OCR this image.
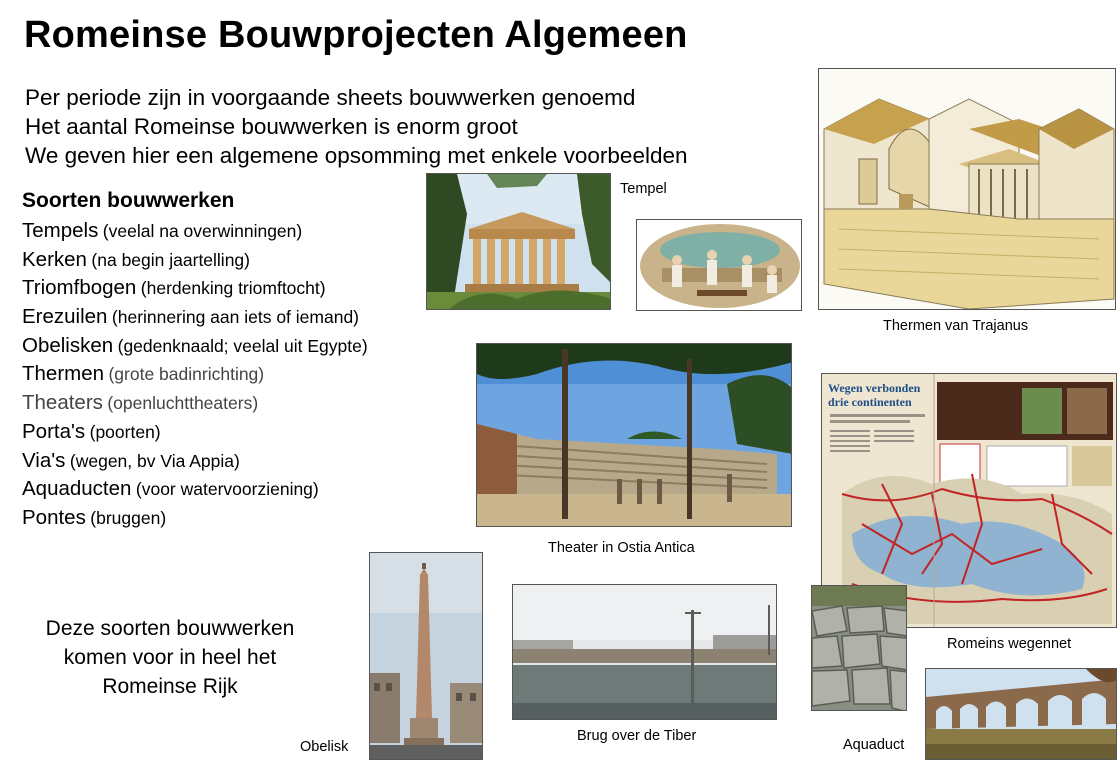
Romeinse Bouwprojecten Algemeen
Per periode zijn in voorgaande sheets bouwwerken genoemd
Het aantal Romeinse bouwwerken is enorm groot
We geven hier een algemene opsomming met enkele voorbeelden
Soorten bouwwerken
Tempels (veelal na overwinningen)
Kerken (na begin jaartelling)
Triomfbogen (herdenking triomftocht)
Erezuilen (herinnering aan iets of iemand)
Obelisken (gedenknaald; veelal uit Egypte)
Thermen (grote badinrichting)
Theaters (openluchttheaters)
Porta's (poorten)
Via's (wegen, bv Via Appia)
Aquaducten (voor watervoorziening)
Pontes (bruggen)
Deze soorten bouwwerken
komen voor in heel het
Romeinse Rijk
Tempel
Thermen van Trajanus
Theater in Ostia Antica
Wegen verbonden
drie continenten
Romeins wegennet
Obelisk
Brug over de Tiber
Aquaduct
